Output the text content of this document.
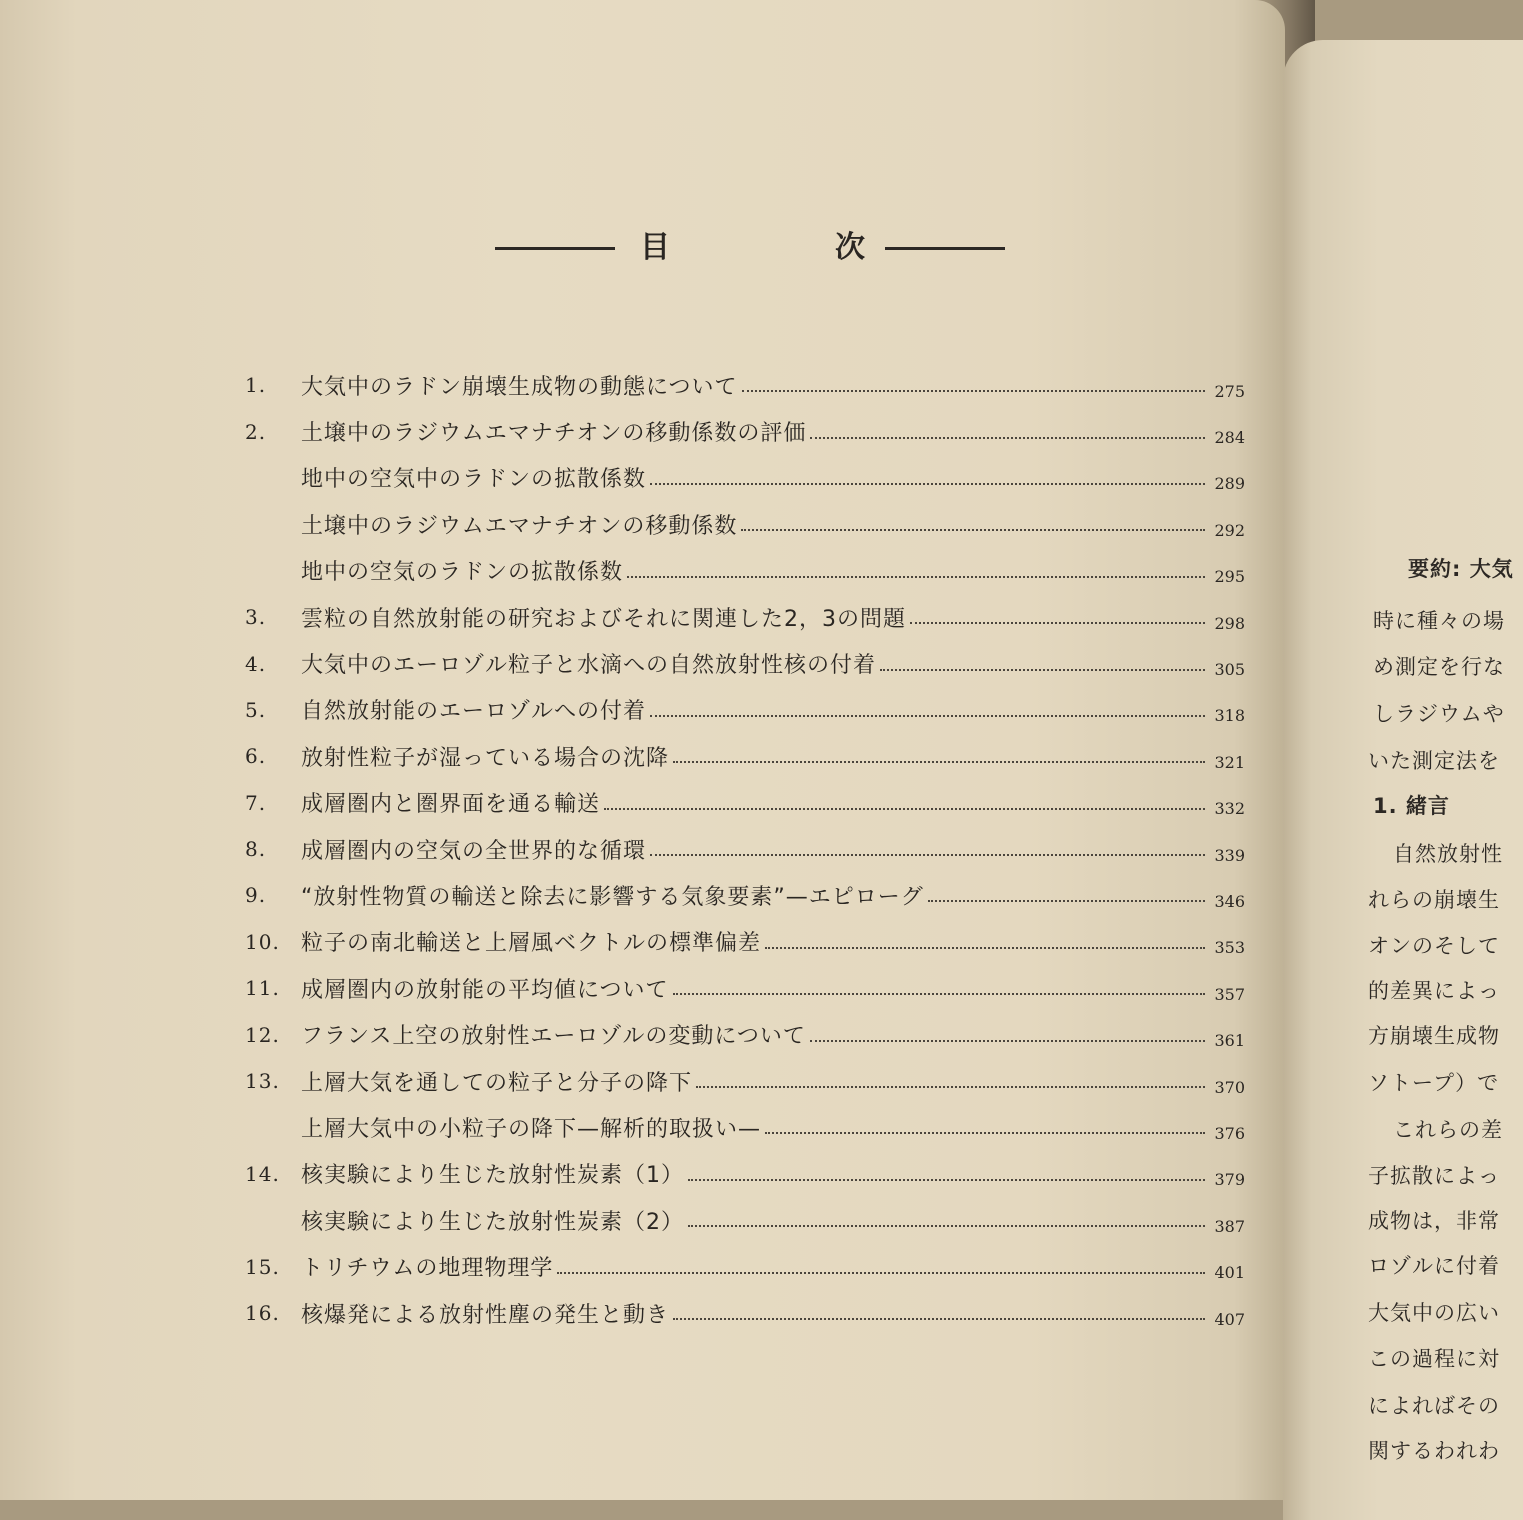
目	次
1.	大気中のラドン崩壊生成物の動態について	275
2.	土壌中のラジウムエマナチオンの移動係数の評価	284
地中の空気中のラドンの拡散係数	289
土壌中のラジウムエマナチオンの移動係数	292
地中の空気のラドンの拡散係数	295
3.	雲粒の自然放射能の研究およびそれに関連した2，3の問題	298
4.	大気中のエーロゾル粒子と水滴への自然放射性核の付着	305
5.	自然放射能のエーロゾルへの付着	318
6.	放射性粒子が湿っている場合の沈降	321
7.	成層圏内と圏界面を通る輸送	332
8.	成層圏内の空気の全世界的な循環	339
9.	“放射性物質の輸送と除去に影響する気象要素”—エピローグ	346
10. 粒子の南北輸送と上層風ベクトルの標準偏差	353
11. 成層圏内の放射能の平均値について	357
12. フランス上空の放射性エーロゾルの変動について	361
13. 上層大気を通しての粒子と分子の降下	370
上層大気中の小粒子の降下—解析的取扱い—	376
14. 核実験により生じた放射性炭素（1）	379
核実験により生じた放射性炭素（2）	387
15. トリチウムの地理物理学	401
16. 核爆発による放射性塵の発生と動き	407
要約: 大気
時に種々の場
め測定を行な
しラジウムや
いた測定法を
1. 緒言
自然放射性
れらの崩壊生
オンのそして
的差異によっ
方崩壊生成物
ソトープ）で
これらの差
子拡散によっ
成物は，非常
ロゾルに付着
大気中の広い
この過程に対
によればその
関するわれわ
